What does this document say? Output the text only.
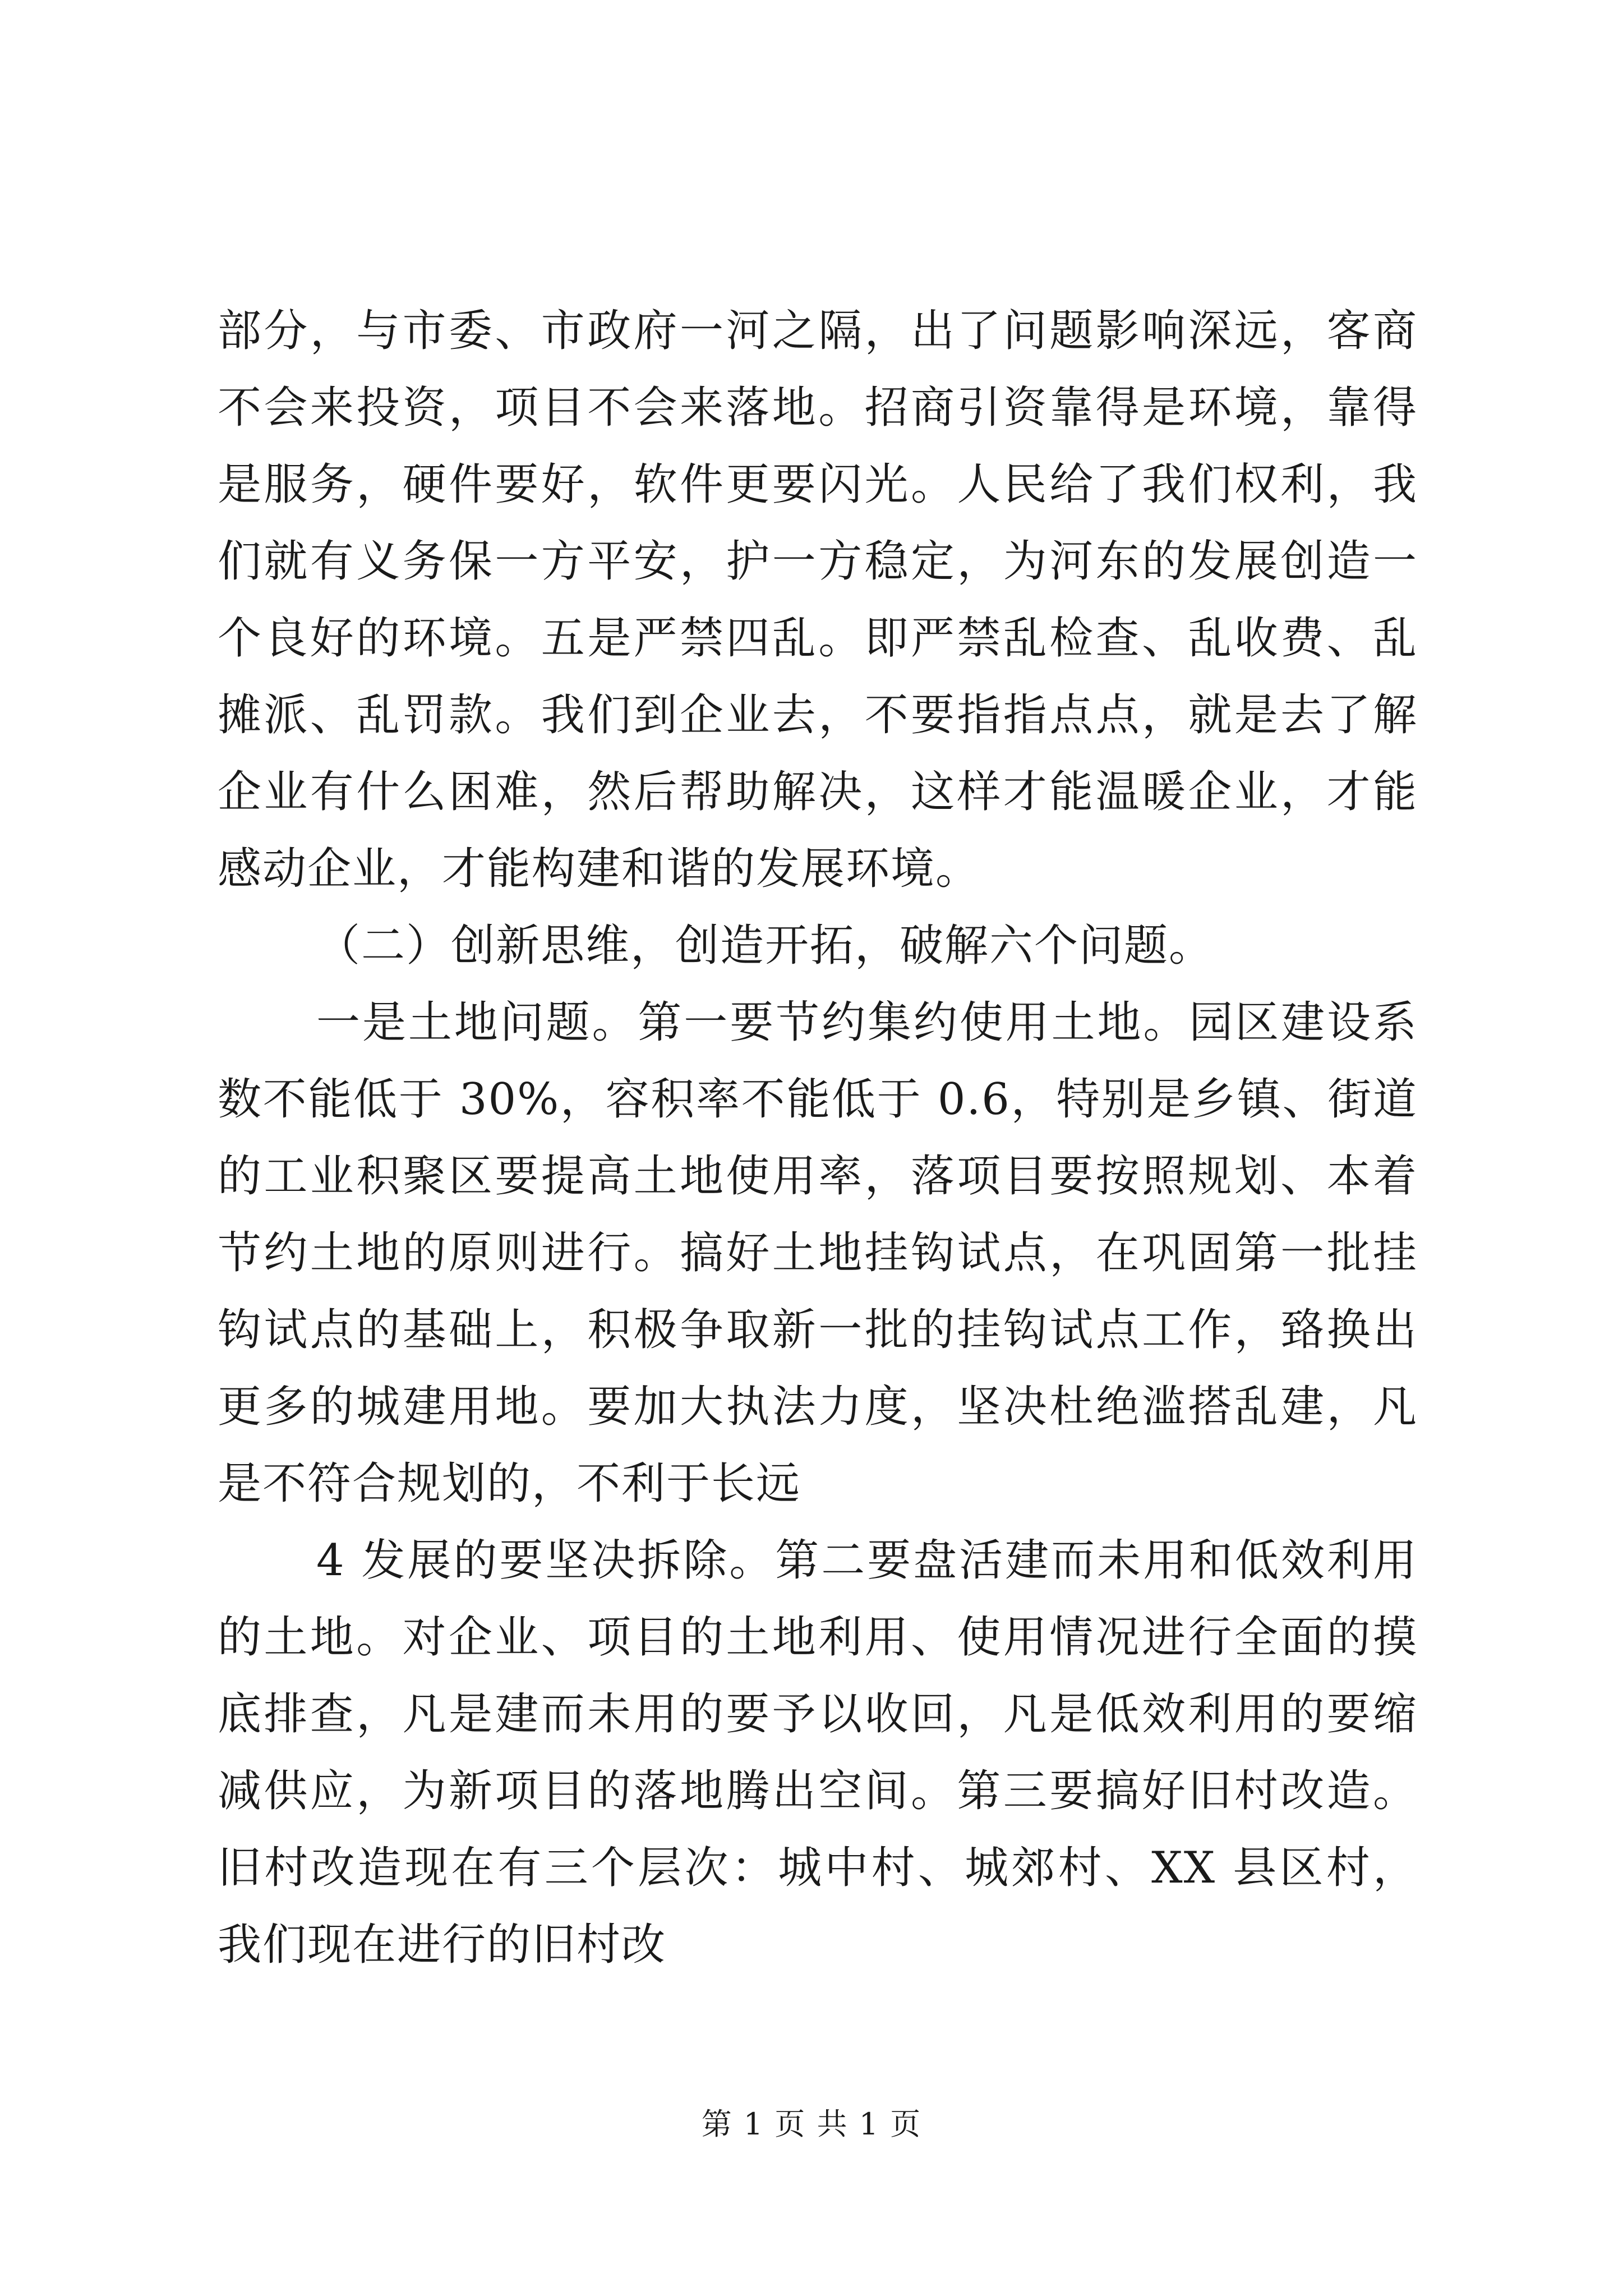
部分，与市委、市政府一河之隔，出了问题影响深远，客商不会来投资，项目不会来落地。招商引资靠得是环境，靠得是服务，硬件要好，软件更要闪光。人民给了我们权利，我们就有义务保一方平安，护一方稳定，为河东的发展创造一个良好的环境。五是严禁四乱。即严禁乱检查、乱收费、乱摊派、乱罚款。我们到企业去，不要指指点点，就是去了解企业有什么困难，然后帮助解决，这样才能温暖企业，才能感动企业，才能构建和谐的发展环境。

（二）创新思维，创造开拓，破解六个问题。

一是土地问题。第一要节约集约使用土地。园区建设系数不能低于 30%，容积率不能低于 0.6，特别是乡镇、街道的工业积聚区要提高土地使用率，落项目要按照规划、本着节约土地的原则进行。搞好土地挂钩试点，在巩固第一批挂钩试点的基础上，积极争取新一批的挂钩试点工作，臵换出更多的城建用地。要加大执法力度，坚决杜绝滥搭乱建，凡是不符合规划的，不利于长远

4 发展的要坚决拆除。第二要盘活建而未用和低效利用的土地。对企业、项目的土地利用、使用情况进行全面的摸底排查，凡是建而未用的要予以收回，凡是低效利用的要缩减供应，为新项目的落地腾出空间。第三要搞好旧村改造。旧村改造现在有三个层次：城中村、城郊村、XX 县区村，我们现在进行的旧村改

第 1 页 共 1 页
